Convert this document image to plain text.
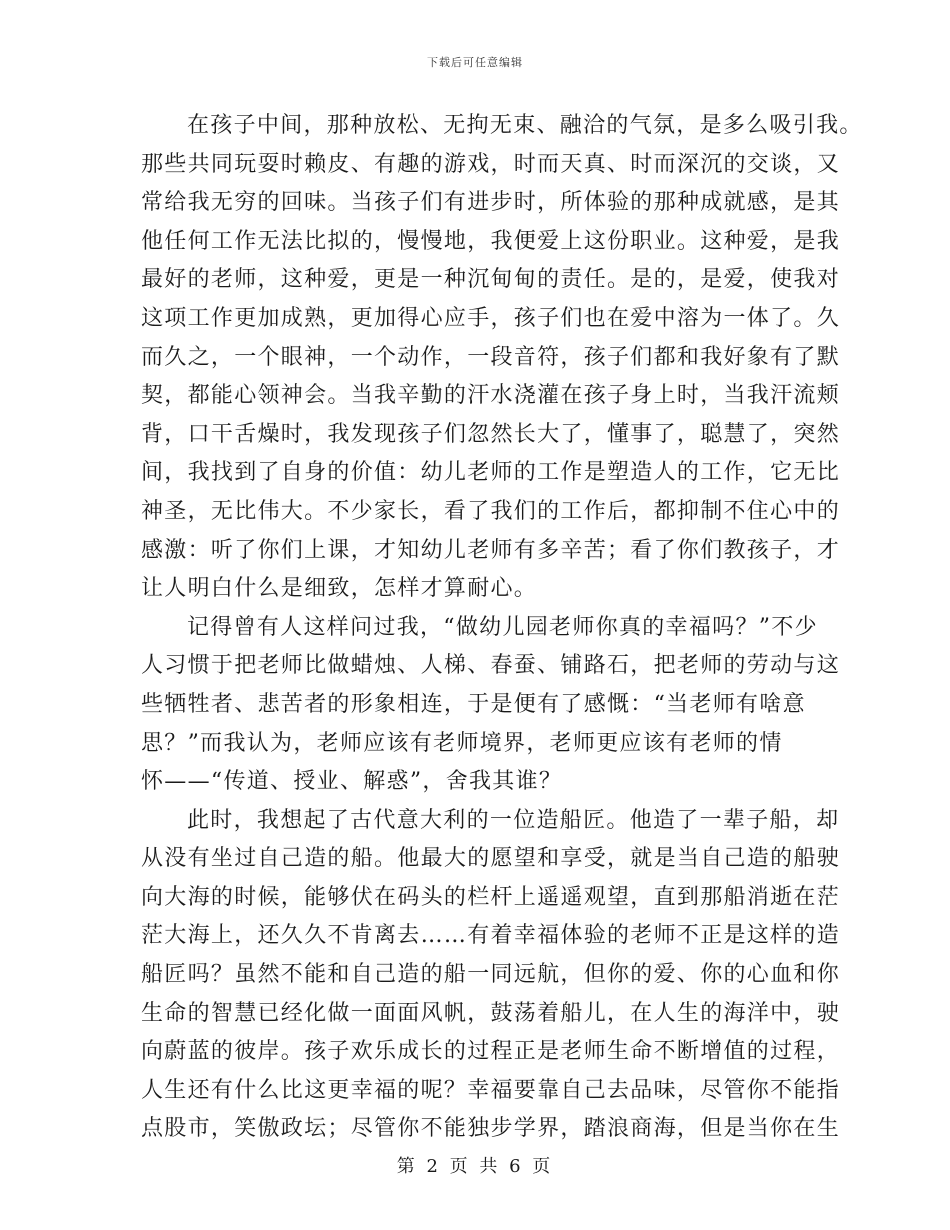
下载后可任意编辑
在孩子中间，那种放松、无拘无束、融洽的气氛，是多么吸引我。
那些共同玩耍时赖皮、有趣的游戏，时而天真、时而深沉的交谈，又
常给我无穷的回味。当孩子们有进步时，所体验的那种成就感，是其
他任何工作无法比拟的，慢慢地，我便爱上这份职业。这种爱，是我
最好的老师，这种爱，更是一种沉甸甸的责任。是的，是爱，使我对
这项工作更加成熟，更加得心应手，孩子们也在爱中溶为一体了。久
而久之，一个眼神，一个动作，一段音符，孩子们都和我好象有了默
契，都能心领神会。当我辛勤的汗水浇灌在孩子身上时，当我汗流颊
背，口干舌燥时，我发现孩子们忽然长大了，懂事了，聪慧了，突然
间，我找到了自身的价值：幼儿老师的工作是塑造人的工作，它无比
神圣，无比伟大。不少家长，看了我们的工作后，都抑制不住心中的
感激：听了你们上课，才知幼儿老师有多辛苦；看了你们教孩子，才
让人明白什么是细致，怎样才算耐心。
记得曾有人这样问过我，“做幼儿园老师你真的幸福吗？”不少
人习惯于把老师比做蜡烛、人梯、春蚕、铺路石，把老师的劳动与这
些牺牲者、悲苦者的形象相连，于是便有了感慨：“当老师有啥意
思？”而我认为，老师应该有老师境界，老师更应该有老师的情
怀——“传道、授业、解惑”，舍我其谁？
此时，我想起了古代意大利的一位造船匠。他造了一辈子船，却
从没有坐过自己造的船。他最大的愿望和享受，就是当自己造的船驶
向大海的时候，能够伏在码头的栏杆上遥遥观望，直到那船消逝在茫
茫大海上，还久久不肯离去……有着幸福体验的老师不正是这样的造
船匠吗？虽然不能和自己造的船一同远航，但你的爱、你的心血和你
生命的智慧已经化做一面面风帆，鼓荡着船儿，在人生的海洋中，驶
向蔚蓝的彼岸。孩子欢乐成长的过程正是老师生命不断增值的过程，
人生还有什么比这更幸福的呢？幸福要靠自己去品味，尽管你不能指
点股市，笑傲政坛；尽管你不能独步学界，踏浪商海，但是当你在生
第 2 页 共 6 页
